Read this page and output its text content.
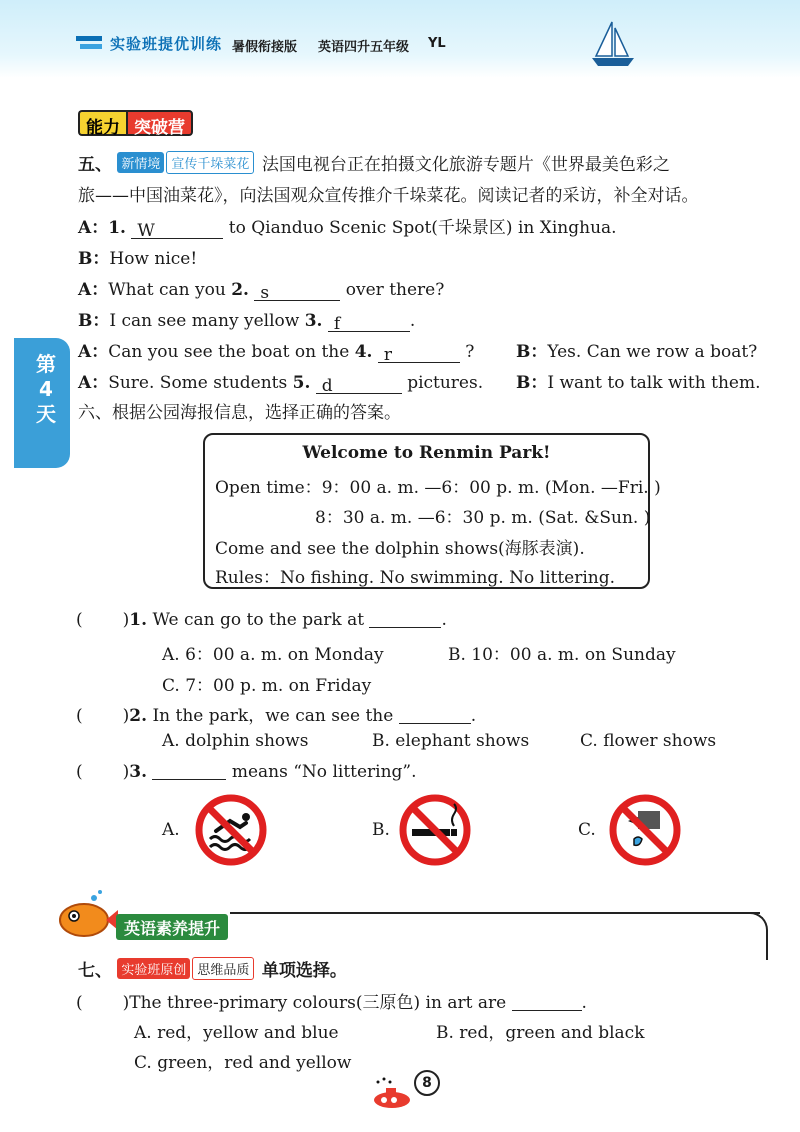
实验班提优训练 暑假衔接版 英语四升五年级 YL
第4天
能力 突破营
五、 新情境 宣传千垛菜花 法国电视台正在拍摄文化旅游专题片《世界最美色彩之
旅——中国油菜花》，向法国观众宣传推介千垛菜花。阅读记者的采访，补全对话。
A：1. W	to Qianduo Scenic Spot(千垛景区) in Xinghua.
B：How nice!
A：What can you 2. s	over there?
B：I can see many yellow 3. f	.
A：Can you see the boat on the 4. r	? B：Yes. Can we row a boat?
A：Sure. Some students 5. d	pictures. B：I want to talk with them.
六、根据公园海报信息，选择正确的答案。
Welcome to Renmin Park!
Open time：9：00 a. m. —6：00 p. m. (Mon. —Fri. )
8：30 a. m. —6：30 p. m. (Sat. &Sun. )
Come and see the dolphin shows(海豚表演).
Rules：No fishing. No swimming. No littering.
( )1. We can go to the park at	.
A. 6：00 a. m. on Monday	B. 10：00 a. m. on Sunday
C. 7：00 p. m. on Friday
( )2. In the park，we can see the	.
A. dolphin shows	B. elephant shows	C. flower shows
( )3.	means “No littering”.
A.	B.	C.
英语素养提升
七、 实验班原创 思维品质 单项选择。
( )The three-primary colours(三原色) in art are	.
A. red，yellow and blue	B. red，green and black
C. green，red and yellow
8
